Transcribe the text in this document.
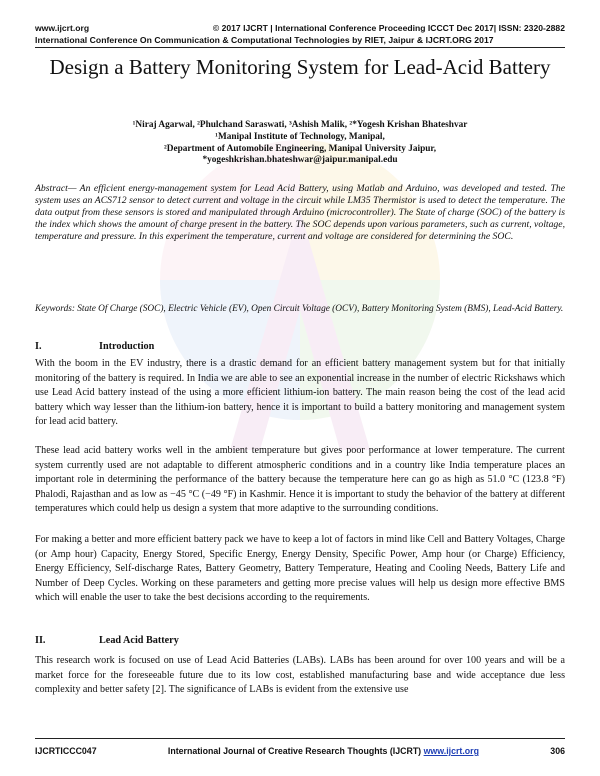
www.ijcrt.org	© 2017 IJCRT | International Conference Proceeding ICCCT Dec 2017| ISSN: 2320-2882
International Conference On Communication & Computational Technologies by RIET, Jaipur & IJCRT.ORG 2017
Design a Battery Monitoring System for Lead-Acid Battery

¹Niraj Agarwal, ²Phulchand Saraswati, ³Ashish Malik, ²*Yogesh Krishan Bhateshvar

¹Manipal Institute of Technology, Manipal,

²Department of Automobile Engineering, Manipal University Jaipur,

*yogeshkrishan.bhateshwar@jaipur.manipal.edu

Abstract— An efficient energy-management system for Lead Acid Battery, using Matlab and Arduino, was developed and tested. The system uses an ACS712 sensor to detect current and voltage in the circuit while LM35 Thermistor is used to detect the temperature. The data output from these sensors is stored and manipulated through Arduino (microcontroller). The State of charge (SOC) of the battery is the index which shows the amount of charge present in the battery. The SOC depends upon various parameters, such as current, voltage, temperature and pressure. In this experiment the temperature, current and voltage are considered for determining the SOC.

Keywords: State Of Charge (SOC), Electric Vehicle (EV), Open Circuit Voltage (OCV), Battery Monitoring System (BMS), Lead-Acid Battery.

I.	Introduction

With the boom in the EV industry, there is a drastic demand for an efficient battery management system but for that initially monitoring of the battery is required. In India we are able to see an exponential increase in the number of electric Rickshaws which use Lead Acid battery instead of the using a more efficient lithium-ion battery. The main reason being the cost of the lead acid battery which way lesser than the lithium-ion battery, hence it is important to build a battery monitoring and management system for lead acid battery.

These lead acid battery works well in the ambient temperature but gives poor performance at lower temperature. The current system currently used are not adaptable to different atmospheric conditions and in a country like India temperature places an important role in determining the performance of the battery because the temperature here can go as high as 51.0 °C (123.8 °F) Phalodi, Rajasthan and as low as −45 °C (−49 °F) in Kashmir. Hence it is important to study the behavior of the battery at different temperatures which could help us design a system that more adaptive to the surrounding conditions.

For making a better and more efficient battery pack we have to keep a lot of factors in mind like Cell and Battery Voltages, Charge (or Amp hour) Capacity, Energy Stored, Specific Energy, Energy Density, Specific Power, Amp hour (or Charge) Efficiency, Energy Efficiency, Self-discharge Rates, Battery Geometry, Battery Temperature, Heating and Cooling Needs, Battery Life and Number of Deep Cycles. Working on these parameters and getting more precise values will help us design more effective BMS which will enable the user to take the best decisions according to the requirements.

II.	Lead Acid Battery

This research work is focused on use of Lead Acid Batteries (LABs). LABs has been around for over 100 years and will be a market force for the foreseeable future due to its low cost, established manufacturing base and wide acceptance due less complexity and better safety [2]. The significance of LABs is evident from the extensive use

IJCRTICCC047	International Journal of Creative Research Thoughts (IJCRT) www.ijcrt.org	306
